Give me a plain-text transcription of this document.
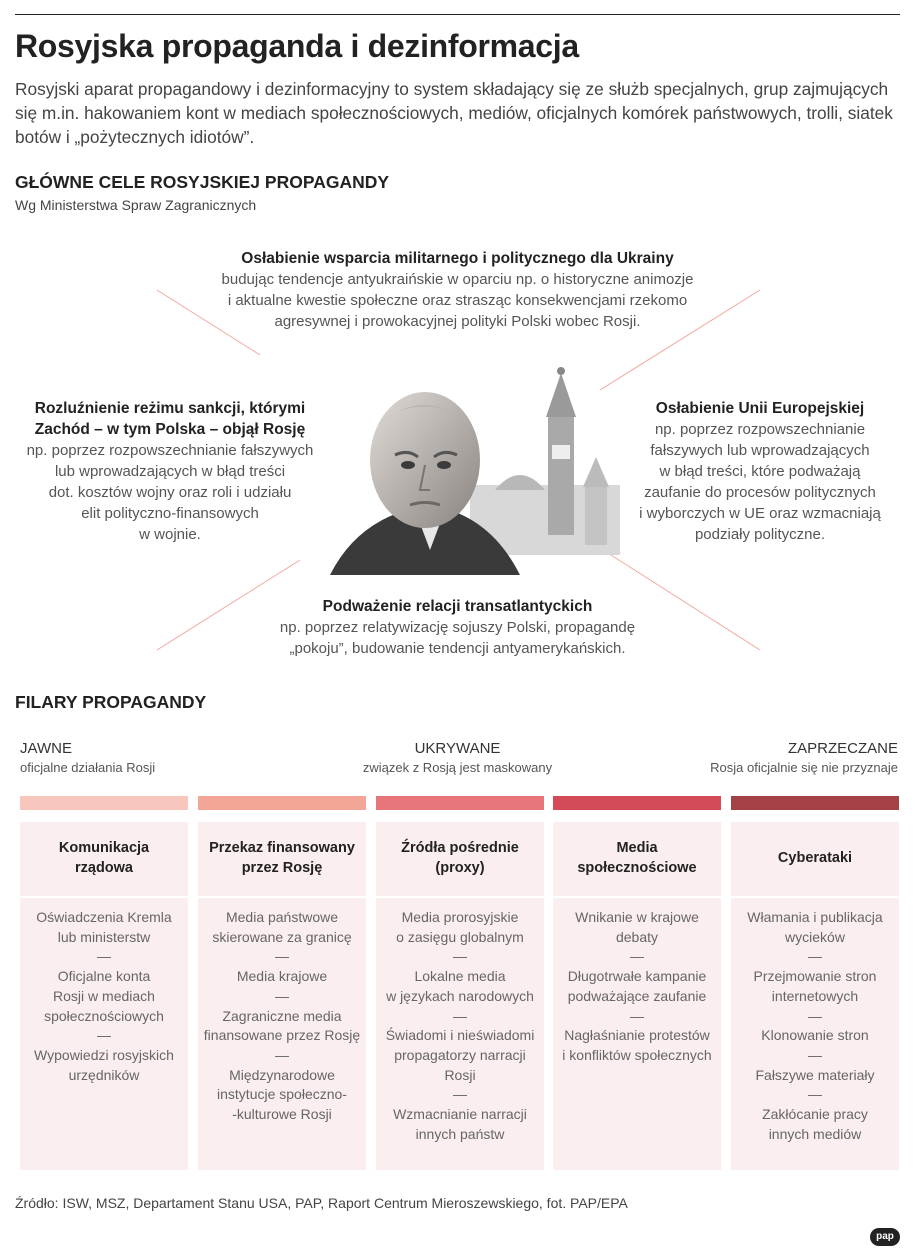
Rosyjska propaganda i dezinformacja

Rosyjski aparat propagandowy i dezinformacyjny to system składający się ze służb specjalnych, grup zajmujących się m.in. hakowaniem kont w mediach społecznościowych, mediów, oficjalnych komórek państwowych, trolli, siatek botów i „pożytecznych idiotów”.

GŁÓWNE CELE ROSYJSKIEJ PROPAGANDY
Wg Ministerstwa Spraw Zagranicznych
Osłabienie wsparcia militarnego i politycznego dla Ukrainy
budując tendencje antyukraińskie w oparciu np. o historyczne animozje
i aktualne kwestie społeczne oraz strasząc konsekwencjami rzekomo
agresywnej i prowokacyjnej polityki Polski wobec Rosji.
Rozluźnienie reżimu sankcji, którymi
Zachód – w tym Polska – objął Rosję
np. poprzez rozpowszechnianie fałszywych
lub wprowadzających w błąd treści
dot. kosztów wojny oraz roli i udziału
elit polityczno-finansowych
w wojnie.
Osłabienie Unii Europejskiej
np. poprzez rozpowszechnianie
fałszywych lub wprowadzających
w błąd treści, które podważają
zaufanie do procesów politycznych
i wyborczych w UE oraz wzmacniają
podziały polityczne.
Podważenie relacji transatlantyckich
np. poprzez relatywizację sojuszy Polski, propagandę
„pokoju”, budowanie tendencji antyamerykańskich.
FILARY PROPAGANDY
JAWNE
oficjalne działania Rosji
UKRYWANE
związek z Rosją jest maskowany
ZAPRZECZANE
Rosja oficjalnie się nie przyznaje
Komunikacja
rządowa
Oświadczenia Kremla
lub ministerstw
—
Oficjalne konta
Rosji w mediach
społecznościowych
—
Wypowiedzi rosyjskich
urzędników
Przekaz finansowany
przez Rosję
Media państwowe
skierowane za granicę
—
Media krajowe
—
Zagraniczne media
finansowane przez Rosję
—
Międzynarodowe
instytucje społeczno-
-kulturowe Rosji
Źródła pośrednie
(proxy)
Media prorosyjskie
o zasięgu globalnym
—
Lokalne media
w językach narodowych
—
Świadomi i nieświadomi
propagatorzy narracji
Rosji
—
Wzmacnianie narracji
innych państw
Media
społecznościowe
Wnikanie w krajowe
debaty
—
Długotrwałe kampanie
podważające zaufanie
—
Nagłaśnianie protestów
i konfliktów społecznych
Cyberataki
Włamania i publikacja
wycieków
—
Przejmowanie stron
internetowych
—
Klonowanie stron
—
Fałszywe materiały
—
Zakłócanie pracy
innych mediów
Źródło: ISW, MSZ, Departament Stanu USA, PAP, Raport Centrum Mieroszewskiego, fot. PAP/EPA
pap
